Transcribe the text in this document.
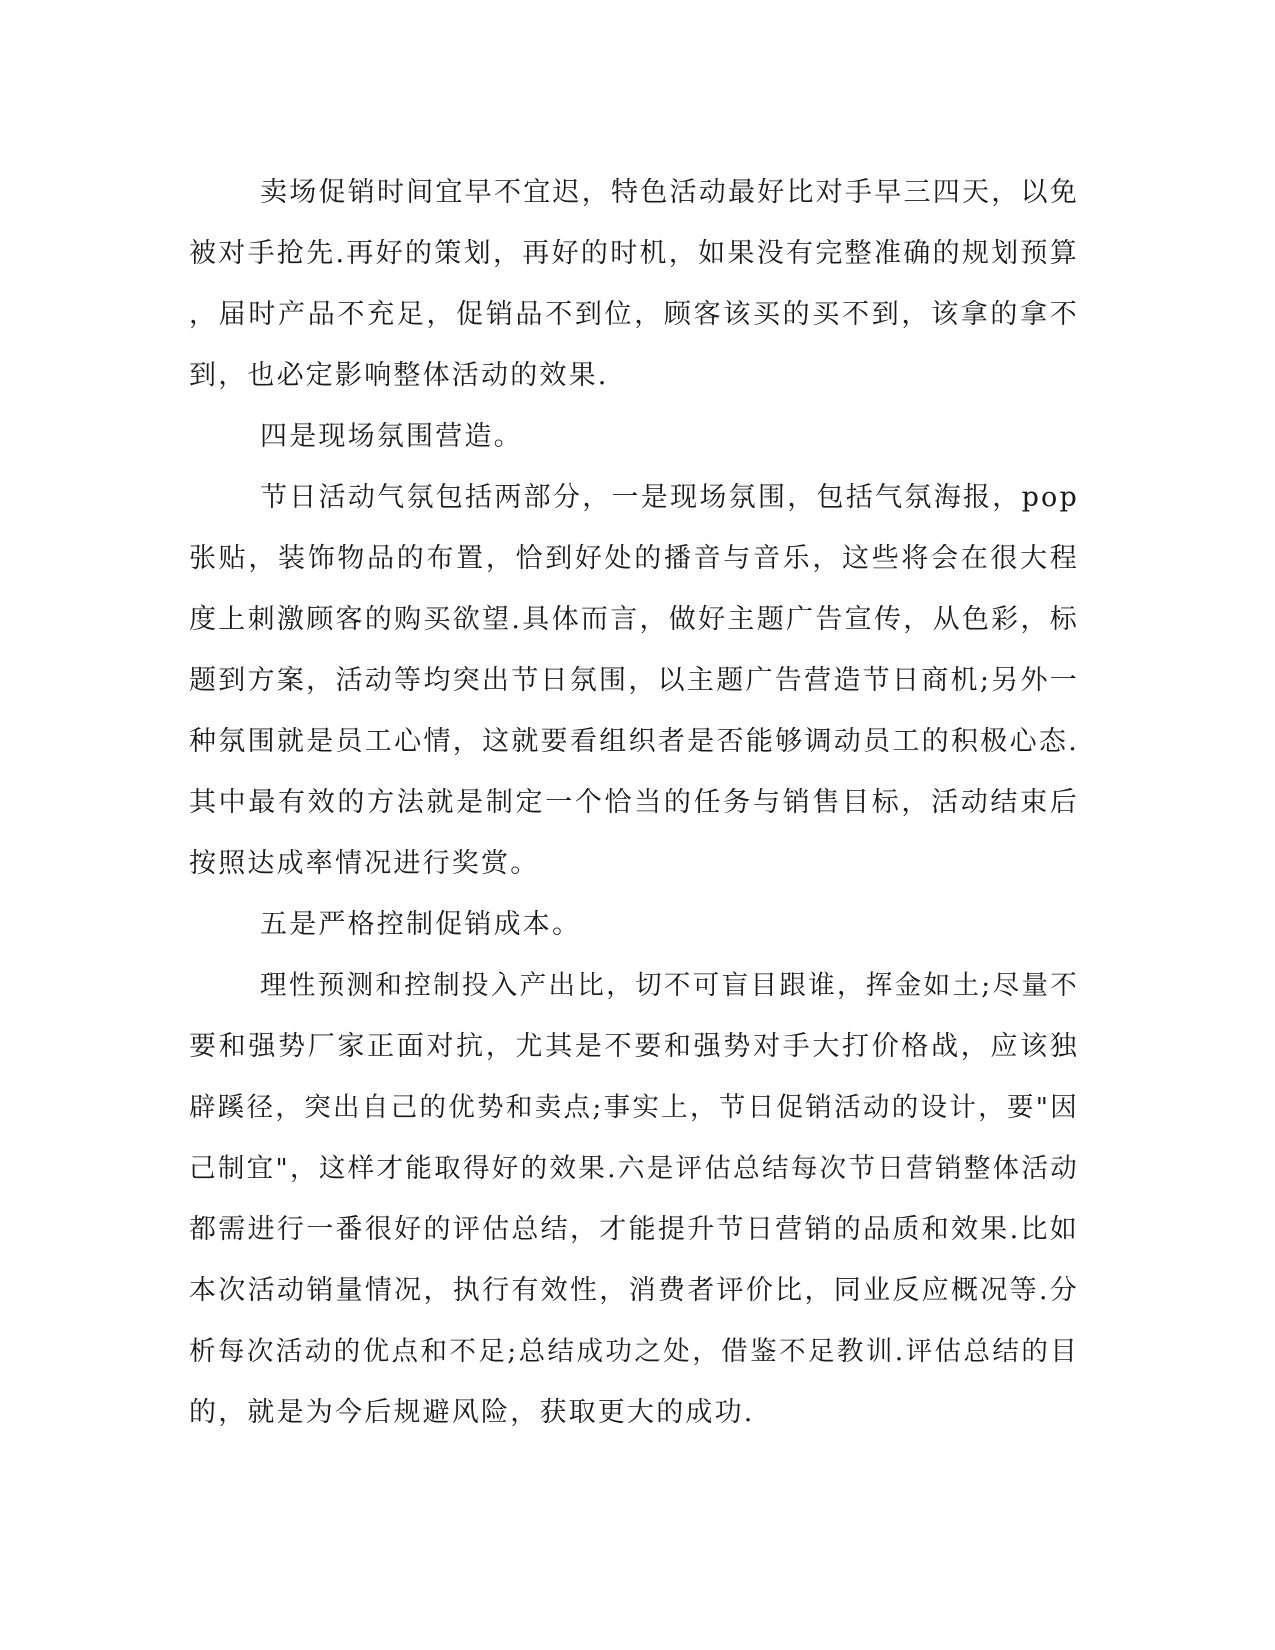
卖场促销时间宜早不宜迟，特色活动最好比对手早三四天，以免
被对手抢先.再好的策划，再好的时机，如果没有完整准确的规划预算
，届时产品不充足，促销品不到位，顾客该买的买不到，该拿的拿不
到，也必定影响整体活动的效果.
四是现场氛围营造。
节日活动气氛包括两部分，一是现场氛围，包括气氛海报，pop
张贴，装饰物品的布置，恰到好处的播音与音乐，这些将会在很大程
度上刺激顾客的购买欲望.具体而言，做好主题广告宣传，从色彩，标
题到方案，活动等均突出节日氛围，以主题广告营造节日商机;另外一
种氛围就是员工心情，这就要看组织者是否能够调动员工的积极心态.
其中最有效的方法就是制定一个恰当的任务与销售目标，活动结束后
按照达成率情况进行奖赏。
五是严格控制促销成本。
理性预测和控制投入产出比，切不可盲目跟谁，挥金如土;尽量不
要和强势厂家正面对抗，尤其是不要和强势对手大打价格战，应该独
辟蹊径，突出自己的优势和卖点;事实上，节日促销活动的设计，要"因
己制宜"，这样才能取得好的效果.六是评估总结每次节日营销整体活动
都需进行一番很好的评估总结，才能提升节日营销的品质和效果.比如
本次活动销量情况，执行有效性，消费者评价比，同业反应概况等.分
析每次活动的优点和不足;总结成功之处，借鉴不足教训.评估总结的目
的，就是为今后规避风险，获取更大的成功.
